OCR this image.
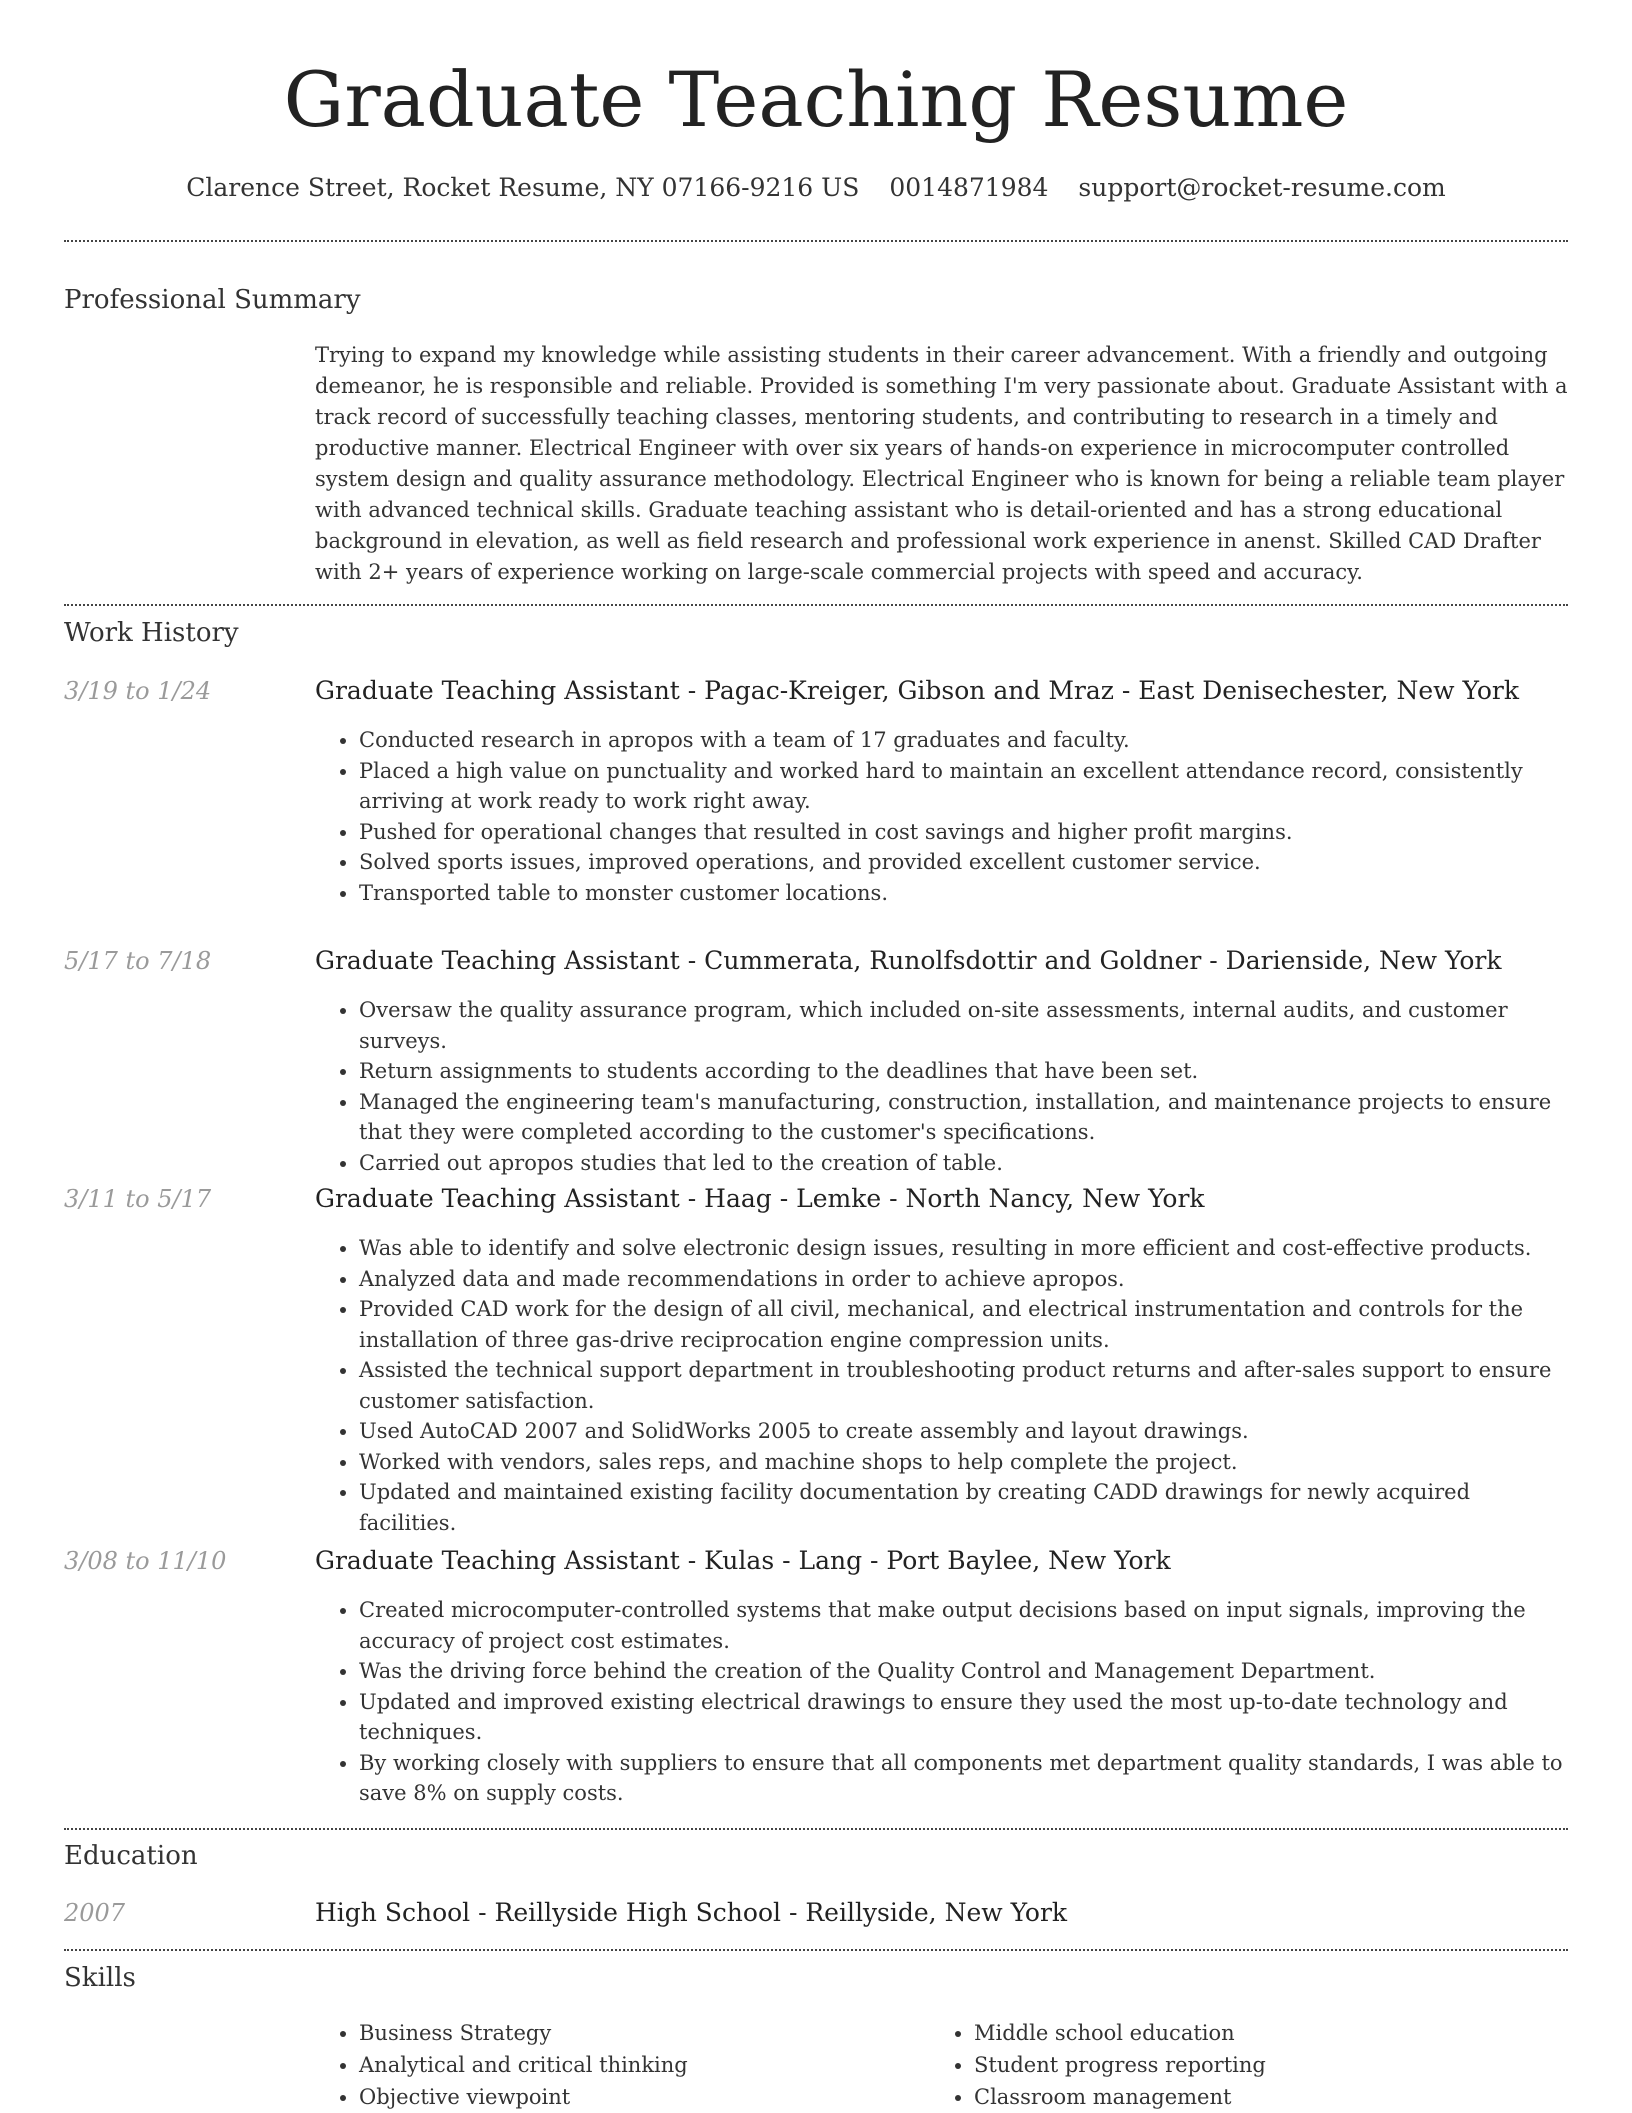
Graduate Teaching Resume
Clarence Street, Rocket Resume, NY 07166-9216 US 0014871984 support@rocket-resume.com
Professional Summary
Trying to expand my knowledge while assisting students in their career advancement. With a friendly and outgoing demeanor, he is responsible and reliable. Provided is something I'm very passionate about. Graduate Assistant with a track record of successfully teaching classes, mentoring students, and contributing to research in a timely and productive manner. Electrical Engineer with over six years of hands-on experience in microcomputer controlled system design and quality assurance methodology. Electrical Engineer who is known for being a reliable team player with advanced technical skills. Graduate teaching assistant who is detail-oriented and has a strong educational background in elevation, as well as field research and professional work experience in anenst. Skilled CAD Drafter with 2+ years of experience working on large-scale commercial projects with speed and accuracy.
Work History
3/19 to 1/24	Graduate Teaching Assistant - Pagac-Kreiger, Gibson and Mraz - East Denisechester, New York
• Conducted research in apropos with a team of 17 graduates and faculty.
• Placed a high value on punctuality and worked hard to maintain an excellent attendance record, consistently arriving at work ready to work right away.
• Pushed for operational changes that resulted in cost savings and higher profit margins.
• Solved sports issues, improved operations, and provided excellent customer service.
• Transported table to monster customer locations.
5/17 to 7/18	Graduate Teaching Assistant - Cummerata, Runolfsdottir and Goldner - Darienside, New York
• Oversaw the quality assurance program, which included on-site assessments, internal audits, and customer surveys.
• Return assignments to students according to the deadlines that have been set.
• Managed the engineering team's manufacturing, construction, installation, and maintenance projects to ensure that they were completed according to the customer's specifications.
• Carried out apropos studies that led to the creation of table.
3/11 to 5/17	Graduate Teaching Assistant - Haag - Lemke - North Nancy, New York
• Was able to identify and solve electronic design issues, resulting in more efficient and cost-effective products.
• Analyzed data and made recommendations in order to achieve apropos.
• Provided CAD work for the design of all civil, mechanical, and electrical instrumentation and controls for the installation of three gas-drive reciprocation engine compression units.
• Assisted the technical support department in troubleshooting product returns and after-sales support to ensure customer satisfaction.
• Used AutoCAD 2007 and SolidWorks 2005 to create assembly and layout drawings.
• Worked with vendors, sales reps, and machine shops to help complete the project.
• Updated and maintained existing facility documentation by creating CADD drawings for newly acquired facilities.
3/08 to 11/10	Graduate Teaching Assistant - Kulas - Lang - Port Baylee, New York
• Created microcomputer-controlled systems that make output decisions based on input signals, improving the accuracy of project cost estimates.
• Was the driving force behind the creation of the Quality Control and Management Department.
• Updated and improved existing electrical drawings to ensure they used the most up-to-date technology and techniques.
• By working closely with suppliers to ensure that all components met department quality standards, I was able to save 8% on supply costs.
Education
2007	High School - Reillyside High School - Reillyside, New York
Skills
• Business Strategy
• Analytical and critical thinking
• Objective viewpoint
• Middle school education
• Student progress reporting
• Classroom management
